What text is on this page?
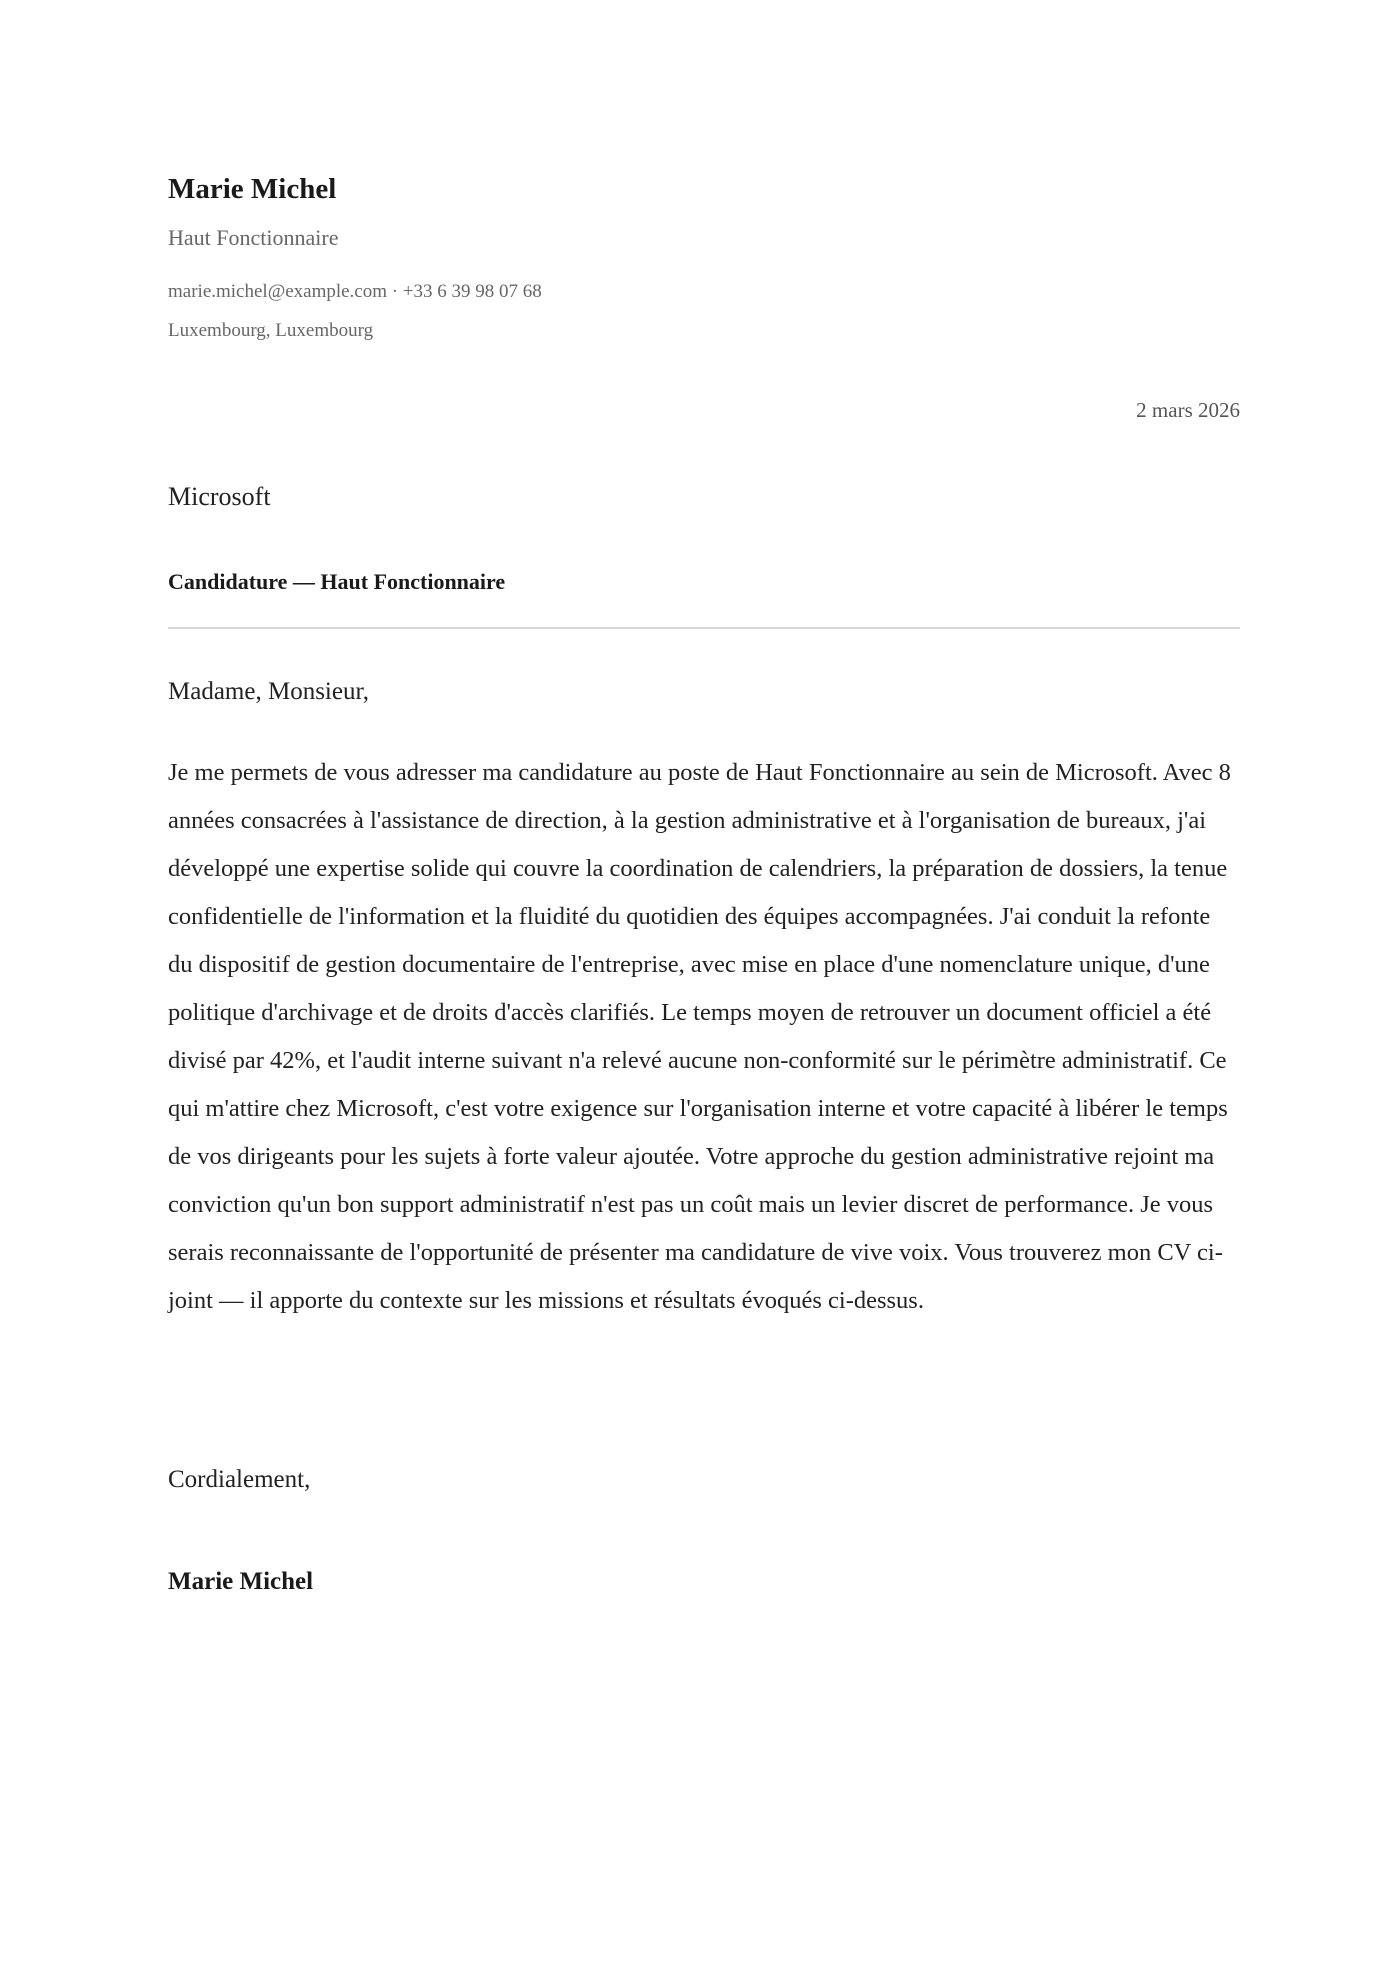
Marie Michel
Haut Fonctionnaire
marie.michel@example.com · +33 6 39 98 07 68
Luxembourg, Luxembourg
2 mars 2026
Microsoft
Candidature — Haut Fonctionnaire
Madame, Monsieur,

Je me permets de vous adresser ma candidature au poste de Haut Fonctionnaire au sein de Microsoft. Avec 8 années consacrées à l'assistance de direction, à la gestion administrative et à l'organisation de bureaux, j'ai développé une expertise solide qui couvre la coordination de calendriers, la préparation de dossiers, la tenue confidentielle de l'information et la fluidité du quotidien des équipes accompagnées. J'ai conduit la refonte du dispositif de gestion documentaire de l'entreprise, avec mise en place d'une nomenclature unique, d'une politique d'archivage et de droits d'accès clarifiés. Le temps moyen de retrouver un document officiel a été divisé par 42%, et l'audit interne suivant n'a relevé aucune non-conformité sur le périmètre administratif. Ce qui m'attire chez Microsoft, c'est votre exigence sur l'organisation interne et votre capacité à libérer le temps de vos dirigeants pour les sujets à forte valeur ajoutée. Votre approche du gestion administrative rejoint ma conviction qu'un bon support administratif n'est pas un coût mais un levier discret de performance. Je vous serais reconnaissante de l'opportunité de présenter ma candidature de vive voix. Vous trouverez mon CV ci-joint — il apporte du contexte sur les missions et résultats évoqués ci-dessus.

Cordialement,
Marie Michel
